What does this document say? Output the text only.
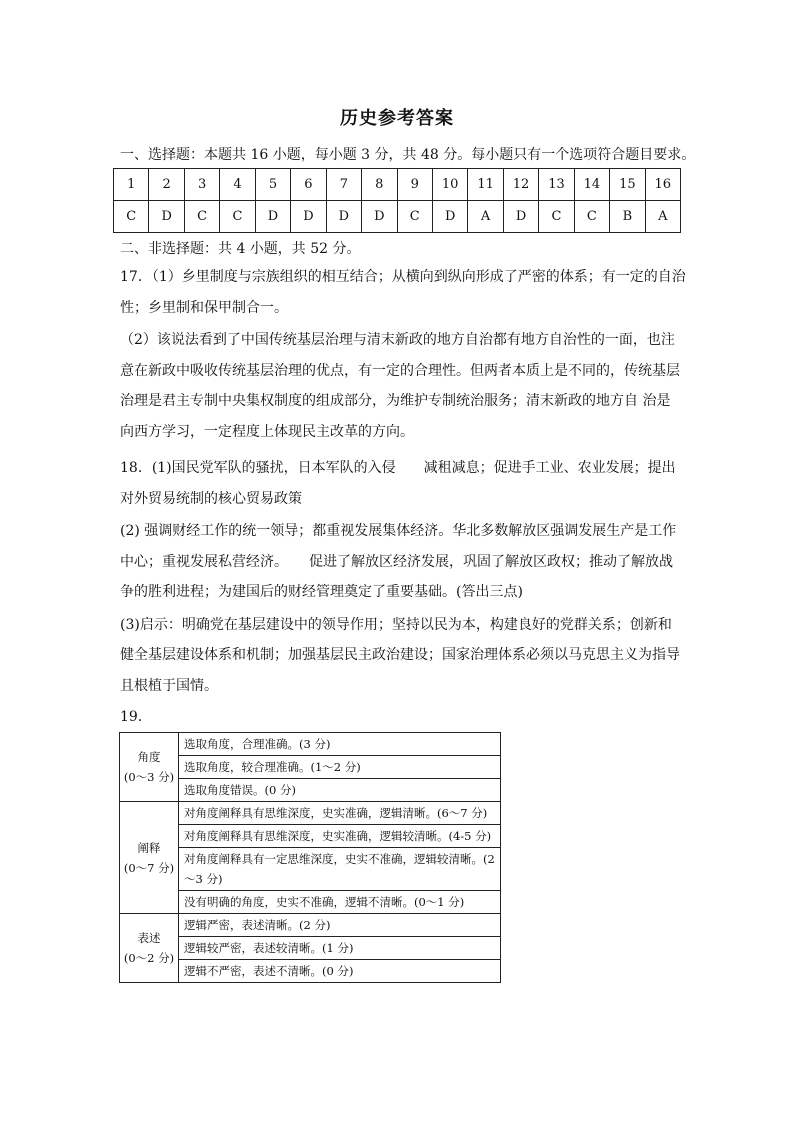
历史参考答案
一、选择题：本题共 16 小题，每小题 3 分，共 48 分。每小题只有一个选项符合题目要求。
1	2	3	4	5	6	7	8	9	10	11	12	13	14	15	16
C	D	C	C	D	D	D	D	C	D	A	D	C	C	B	A
二、非选择题：共 4 小题，共 52 分。

17．（1）乡里制度与宗族组织的相互结合；从横向到纵向形成了严密的体系；有一定的自治

性；乡里制和保甲制合一。

（2）该说法看到了中国传统基层治理与清末新政的地方自治都有地方自治性的一面，也注

意在新政中吸收传统基层治理的优点，有一定的合理性。但两者本质上是不同的，传统基层

治理是君主专制中央集权制度的组成部分，为维护专制统治服务；清末新政的地方自 治是

向西方学习，一定程度上体现民主改革的方向。

18．(1)国民党军队的骚扰，日本军队的入侵　　减租减息；促进手工业、农业发展；提出

对外贸易统制的核心贸易政策

(2) 强调财经工作的统一领导；都重视发展集体经济。华北多数解放区强调发展生产是工作

中心；重视发展私营经济。　　促进了解放区经济发展，巩固了解放区政权；推动了解放战

争的胜利进程；为建国后的财经管理奠定了重要基础。(答出三点)

(3)启示：明确党在基层建设中的领导作用；坚持以民为本，构建良好的党群关系；创新和

健全基层建设体系和机制；加强基层民主政治建设；国家治理体系必须以马克思主义为指导

且根植于国情。

19．
角度
(0～3 分)	选取角度，合理准确。(3 分)
	选取角度，较合理准确。(1～2 分)
	选取角度错误。(0 分)

阐释
(0～7 分)	对角度阐释具有思维深度，史实准确，逻辑清晰。(6～7 分)
	对角度阐释具有思维深度，史实准确，逻辑较清晰。(4-5 分)
	对角度阐释具有一定思维深度，史实不准确，逻辑较清晰。(2～3 分)
	没有明确的角度，史实不准确，逻辑不清晰。(0～1 分)

表述
(0～2 分)	逻辑严密，表述清晰。(2 分)
	逻辑较严密，表述较清晰。(1 分)
	逻辑不严密，表述不清晰。(0 分)
